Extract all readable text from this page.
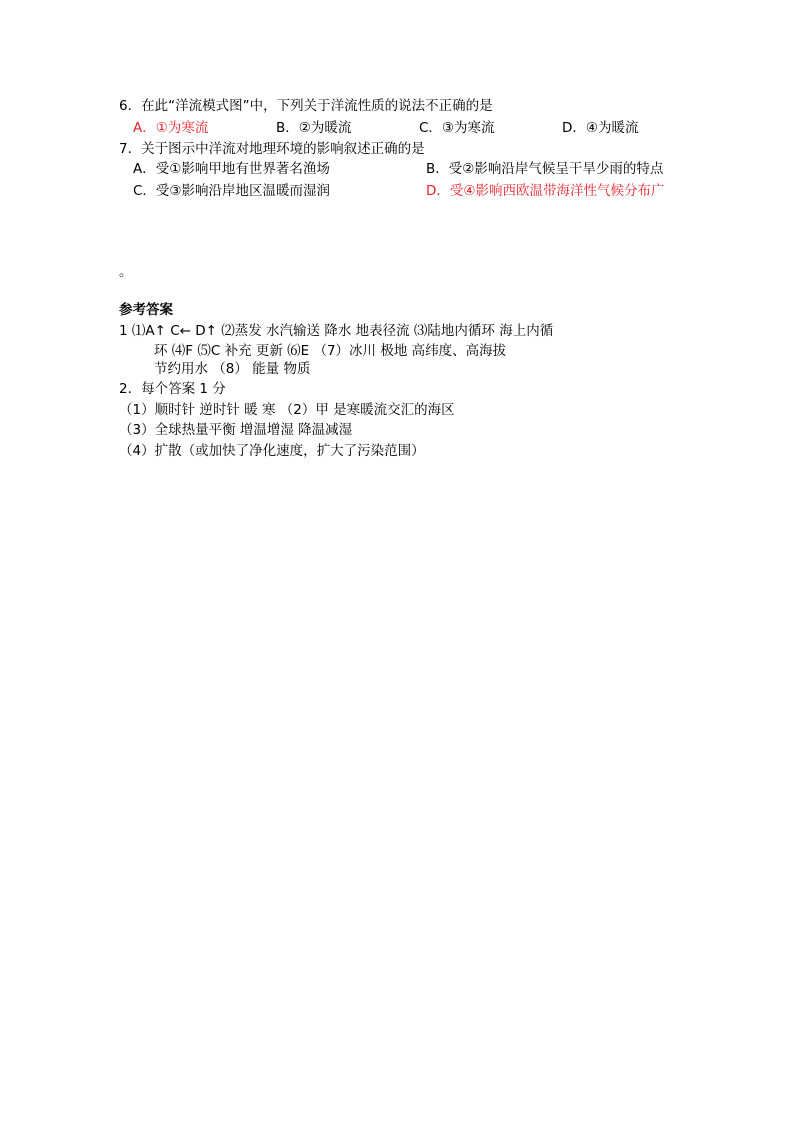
6．在此“洋流模式图”中，下列关于洋流性质的说法不正确的是
A．①为寒流	B．②为暖流	C．③为寒流	D．④为暖流
7．关于图示中洋流对地理环境的影响叙述正确的是
A．受①影响甲地有世界著名渔场	B．受②影响沿岸气候呈干旱少雨的特点
C．受③影响沿岸地区温暖而湿润	D．受④影响西欧温带海洋性气候分布广
。
参考答案
1 ⑴A↑ C← D↑ ⑵蒸发 水汽输送 降水 地表径流 ⑶陆地内循环 海上内循
环 ⑷F ⑸C 补充 更新 ⑹E （7）冰川 极地 高纬度、高海拔
节约用水 （8） 能量 物质
2．每个答案 1 分
（1）顺时针 逆时针 暖 寒 （2）甲 是寒暖流交汇的海区
（3）全球热量平衡 增温增湿 降温减湿
（4）扩散（或加快了净化速度，扩大了污染范围）
